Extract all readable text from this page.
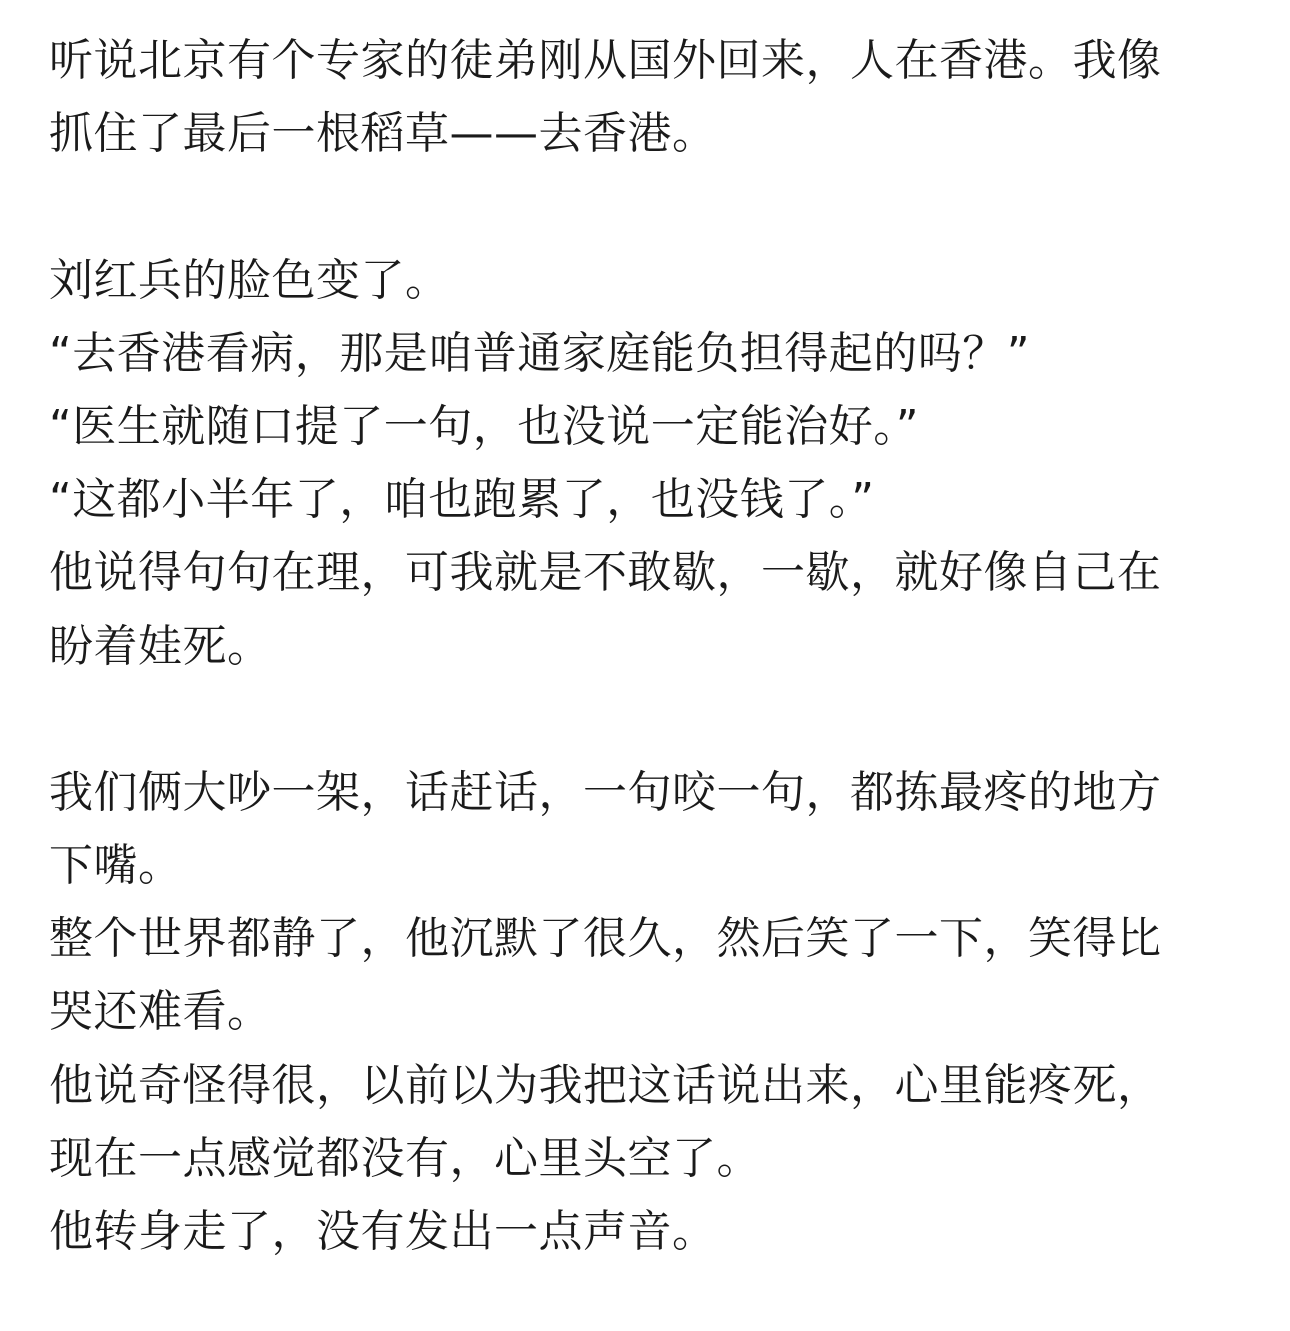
听说北京有个专家的徒弟刚从国外回来，人在香港。我像
抓住了最后一根稻草——去香港。
刘红兵的脸色变了。
“去香港看病，那是咱普通家庭能负担得起的吗？”
“医生就随口提了一句，也没说一定能治好。”
“这都小半年了，咱也跑累了，也没钱了。”
他说得句句在理，可我就是不敢歇，一歇，就好像自己在
盼着娃死。
我们俩大吵一架，话赶话，一句咬一句，都拣最疼的地方
下嘴。
整个世界都静了，他沉默了很久，然后笑了一下，笑得比
哭还难看。
他说奇怪得很，以前以为我把这话说出来，心里能疼死，
现在一点感觉都没有，心里头空了。
他转身走了，没有发出一点声音。
